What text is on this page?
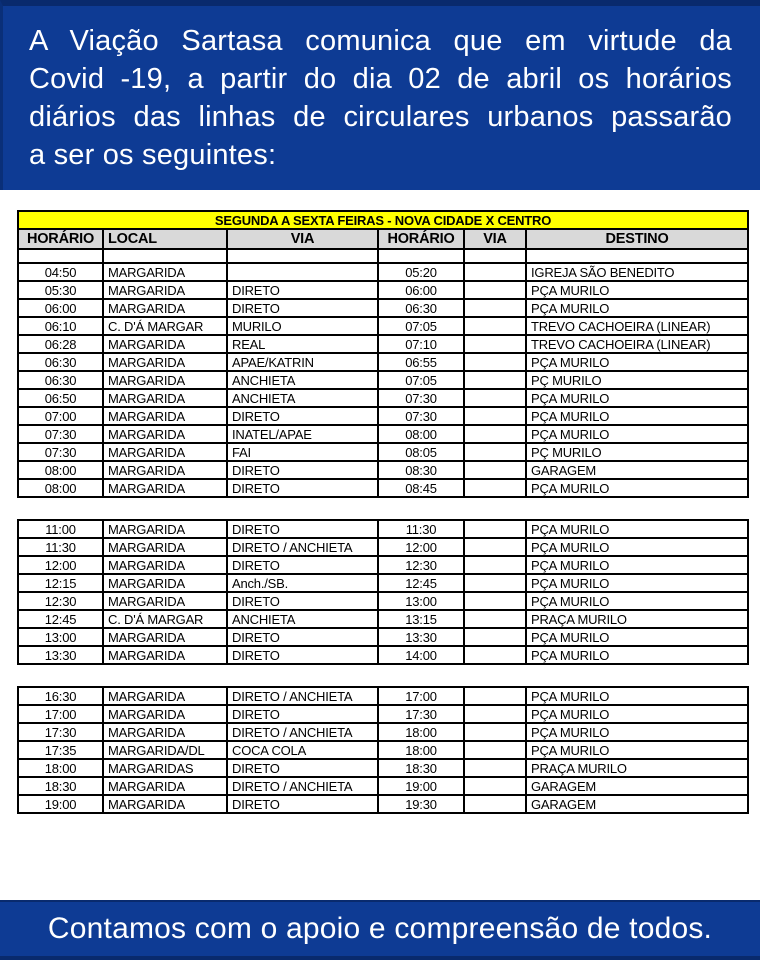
A Viação Sartasa comunica que em virtude da
Covid -19, a partir do dia 02 de abril os horários
diários das linhas de circulares urbanos passarão
a ser os seguintes:
SEGUNDA A SEXTA FEIRAS - NOVA CIDADE X CENTRO					
HORÁRIO	LOCAL	VIA	HORÁRIO	VIA	DESTINO

04:50	MARGARIDA		05:20		IGREJA SÃO BENEDITO
05:30	MARGARIDA	DIRETO	06:00		PÇA MURILO
06:00	MARGARIDA	DIRETO	06:30		PÇA MURILO
06:10	C. D'Á MARGAR	MURILO	07:05		TREVO CACHOEIRA (LINEAR)
06:28	MARGARIDA	REAL	07:10		TREVO CACHOEIRA (LINEAR)
06:30	MARGARIDA	APAE/KATRIN	06:55		PÇA MURILO
06:30	MARGARIDA	ANCHIETA	07:05		PÇ MURILO
06:50	MARGARIDA	ANCHIETA	07:30		PÇA MURILO
07:00	MARGARIDA	DIRETO	07:30		PÇA MURILO
07:30	MARGARIDA	INATEL/APAE	08:00		PÇA MURILO
07:30	MARGARIDA	FAI	08:05		PÇ MURILO
08:00	MARGARIDA	DIRETO	08:30		GARAGEM
08:00	MARGARIDA	DIRETO	08:45		PÇA MURILO
11:00	MARGARIDA	DIRETO	11:30		PÇA MURILO
11:30	MARGARIDA	DIRETO / ANCHIETA	12:00		PÇA MURILO
12:00	MARGARIDA	DIRETO	12:30		PÇA MURILO
12:15	MARGARIDA	Anch./SB.	12:45		PÇA MURILO
12:30	MARGARIDA	DIRETO	13:00		PÇA MURILO
12:45	C. D'Á MARGAR	ANCHIETA	13:15		PRAÇA MURILO
13:00	MARGARIDA	DIRETO	13:30		PÇA MURILO
13:30	MARGARIDA	DIRETO	14:00		PÇA MURILO
16:30	MARGARIDA	DIRETO / ANCHIETA	17:00		PÇA MURILO
17:00	MARGARIDA	DIRETO	17:30		PÇA MURILO
17:30	MARGARIDA	DIRETO / ANCHIETA	18:00		PÇA MURILO
17:35	MARGARIDA/DL	COCA COLA	18:00		PÇA MURILO
18:00	MARGARIDAS	DIRETO	18:30		PRAÇA MURILO
18:30	MARGARIDA	DIRETO / ANCHIETA	19:00		GARAGEM
19:00	MARGARIDA	DIRETO	19:30		GARAGEM
Contamos com o apoio e compreensão de todos.
